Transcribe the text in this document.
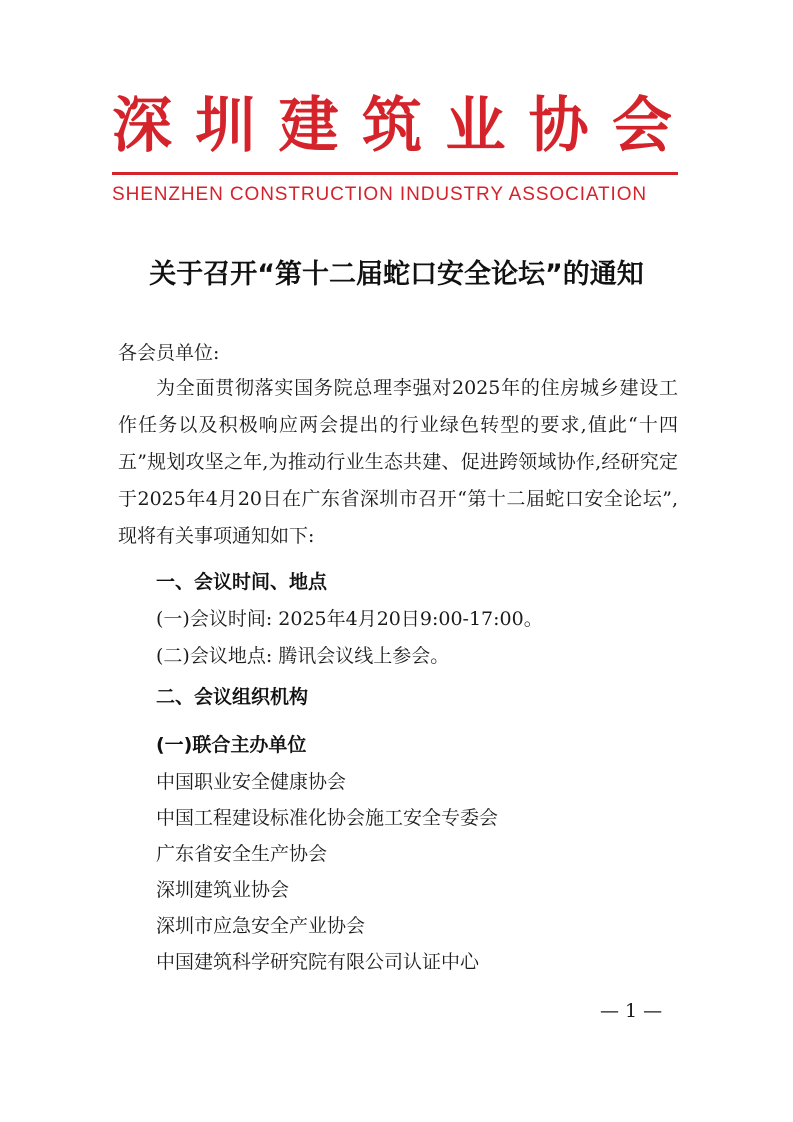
深 圳 建 筑 业 协 会
SHENZHEN CONSTRUCTION INDUSTRY ASSOCIATION
关于召开“第十二届蛇口安全论坛”的通知
各会员单位:
为全面贯彻落实国务院总理李强对2025年的住房城乡建设工作任务以及积极响应两会提出的行业绿色转型的要求,值此“十四五”规划攻坚之年,为推动行业生态共建、促进跨领域协作,经研究定于2025年4月20日在广东省深圳市召开“第十二届蛇口安全论坛”,现将有关事项通知如下:
一、会议时间、地点
(一)会议时间: 2025年4月20日9:00-17:00。
(二)会议地点: 腾讯会议线上参会。
二、会议组织机构
(一)联合主办单位
中国职业安全健康协会
中国工程建设标准化协会施工安全专委会
广东省安全生产协会
深圳建筑业协会
深圳市应急安全产业协会
中国建筑科学研究院有限公司认证中心
— 1 —
